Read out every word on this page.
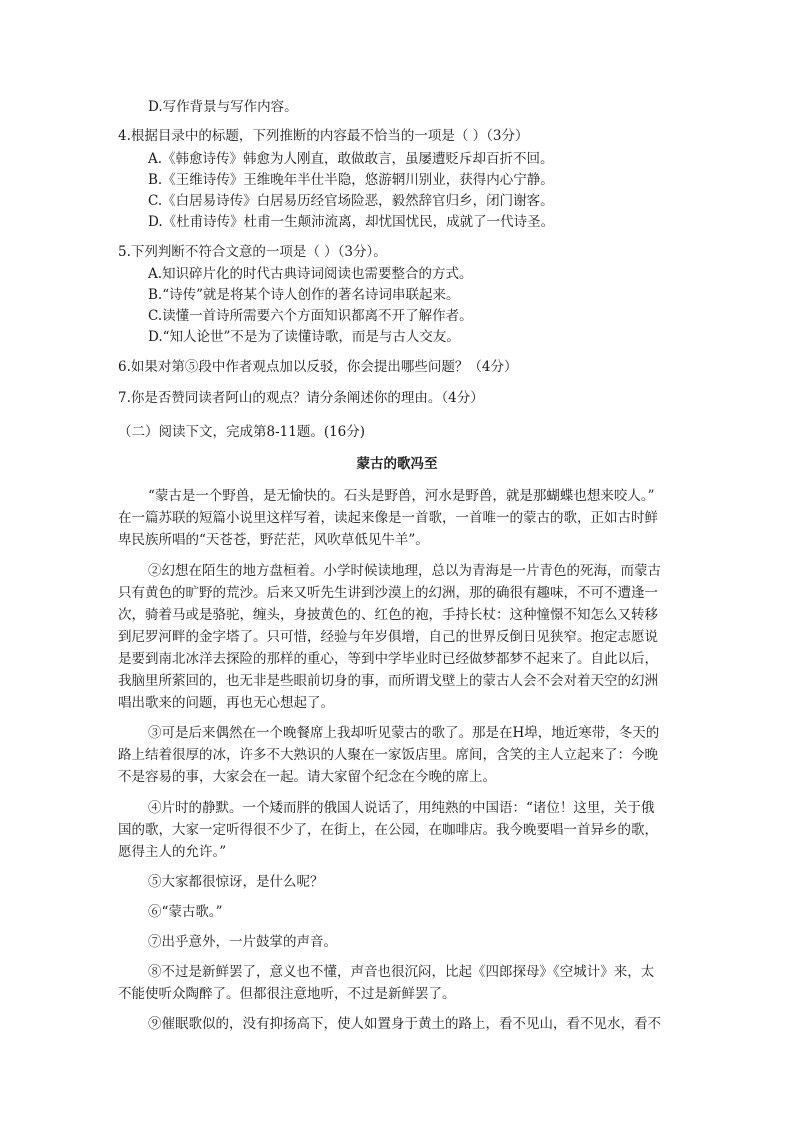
D.写作背景与写作内容。
4.根据目录中的标题，下列推断的内容最不恰当的一项是（ ）（3分）
A.《韩愈诗传》韩愈为人刚直，敢做敢言，虽屡遭贬斥却百折不回。
B.《王维诗传》王维晚年半仕半隐，悠游辋川别业，获得内心宁静。
C.《白居易诗传》白居易历经官场险恶，毅然辞官归乡，闭门谢客。
D.《杜甫诗传》杜甫一生颠沛流离，却忧国忧民，成就了一代诗圣。
5.下列判断不符合文意的一项是（ ）（3分）。
A.知识碎片化的时代古典诗词阅读也需要整合的方式。
B.“诗传”就是将某个诗人创作的著名诗词串联起来。
C.读懂一首诗所需要六个方面知识都离不开了解作者。
D.“知人论世”不是为了读懂诗歌，而是与古人交友。
6.如果对第⑤段中作者观点加以反驳，你会提出哪些问题？（4分）
7.你是否赞同读者阿山的观点？请分条阐述你的理由。（4分）
（二）阅读下文，完成第8-11题。(16分)
蒙古的歌冯至
“蒙古是一个野兽，是无愉快的。石头是野兽，河水是野兽，就是那蝴蝶也想来咬人。”
在一篇苏联的短篇小说里这样写着，读起来像是一首歌，一首唯一的蒙古的歌，正如古时鲜
卑民族所唱的“天苍苍，野茫茫，风吹草低见牛羊”。
②幻想在陌生的地方盘桓着。小学时候读地理，总以为青海是一片青色的死海，而蒙古
只有黄色的旷野的荒沙。后来又听先生讲到沙漠上的幻洲，那的确很有趣味，不可不遭逢一
次，骑着马或是骆驼，缠头，身披黄色的、红色的袍，手持长杖：这种憧憬不知怎么又转移
到尼罗河畔的金字塔了。只可惜，经验与年岁俱增，自己的世界反倒日见狭窄。抱定志愿说
是要到南北冰洋去探险的那样的重心，等到中学毕业时已经做梦都梦不起来了。自此以后，
我脑里所萦回的，也无非是些眼前切身的事，而所谓戈壁上的蒙古人会不会对着天空的幻洲
唱出歌来的问题，再也无心想起了。
③可是后来偶然在一个晚餐席上我却听见蒙古的歌了。那是在H埠，地近寒带，冬天的
路上结着很厚的冰，许多不大熟识的人聚在一家饭店里。席间，含笑的主人立起来了：今晚
不是容易的事，大家会在一起。请大家留个纪念在今晚的席上。
④片时的静默。一个矮而胖的俄国人说话了，用纯熟的中国语：“诸位！这里，关于俄
国的歌，大家一定听得很不少了，在街上，在公园，在咖啡店。我今晚要唱一首异乡的歌，
愿得主人的允许。”
⑤大家都很惊讶，是什么呢？
⑥“蒙古歌。”
⑦出乎意外，一片鼓掌的声音。
⑧不过是新鲜罢了，意义也不懂，声音也很沉闷，比起《四郎探母》《空城计》来，太
不能使听众陶醉了。但都很注意地听，不过是新鲜罢了。
⑨催眠歌似的，没有抑扬高下，使人如置身于黄土的路上，看不见山，看不见水，看不
